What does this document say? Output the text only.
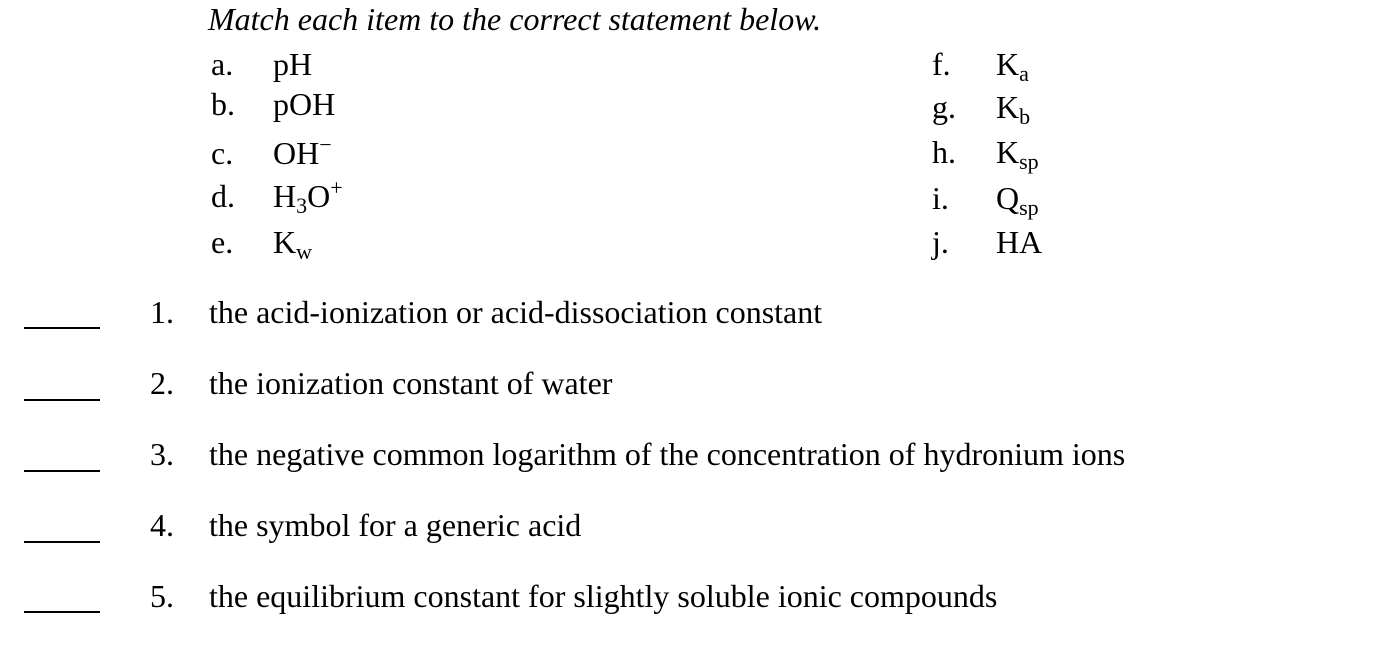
Match each item to the correct statement below.
a. pH
b. pOH
c. OH−
d. H3O+
e. Kw
f. Ka
g. Kb
h. Ksp
i. Qsp
j. HA
1. the acid-ionization or acid-dissociation constant
2. the ionization constant of water
3. the negative common logarithm of the concentration of hydronium ions
4. the symbol for a generic acid
5. the equilibrium constant for slightly soluble ionic compounds
